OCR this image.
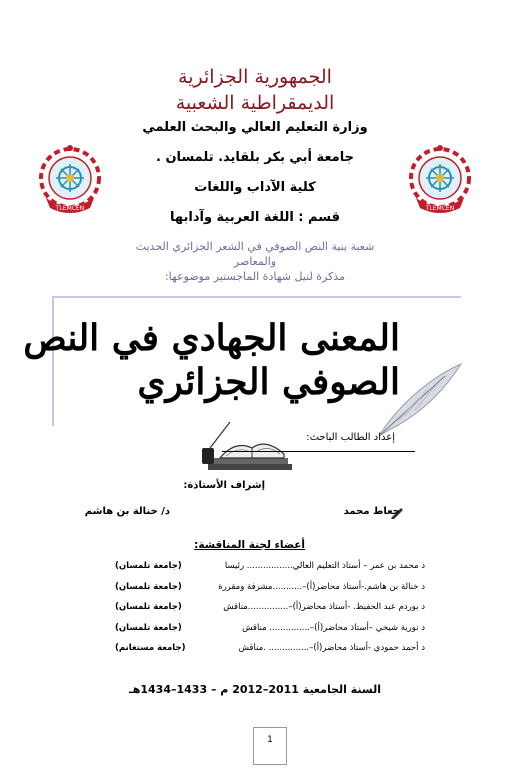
الجمهورية الجزائرية
الديمقراطية الشعبية
وزارة التعليم العالي والبحث العلمي
جامعة أبي بكر بلقايد. تلمسان .
كلية الآداب واللغات
قسم : اللغة العربية وآدابها
TLEMCEN	TLEMCEN
شعبة بنية النص الصوفي في الشعر الجزائري الحديث
والمعاصر
مذكرة لنيل شهادة الماجستير موضوعها:
المعنى الجهادي في النص
الصوفي الجزائري
إعداد الطالب الباحث:
إشراف الأستاذة:
جعاط محمد
د/ خنالة بن هاشم
أعضاء لجنة المناقشة:
د محمد بن عمر – أستاذ التعليم العالي................. رئيسا
(جامعة تلمسان)
د خنالة بن هاشم.-أستاذ محاضر(أ)–...........مشرفة ومقررة
(جامعة تلمسان)
د بوردم عبد الحفيظ. -أستاذ محاضر(أ)–...............مناقش
(جامعة تلمسان)
د نورية شيخي –أستاذ محاضر(أ)–............... مناقش
(جامعة تلمسان)
د أحمد حمودي -أستاذ محاضر(أ)–............... .مناقش
(جامعة مستغانم)
السنة الجامعية 2011–2012 م – 1433–1434هـ
1
